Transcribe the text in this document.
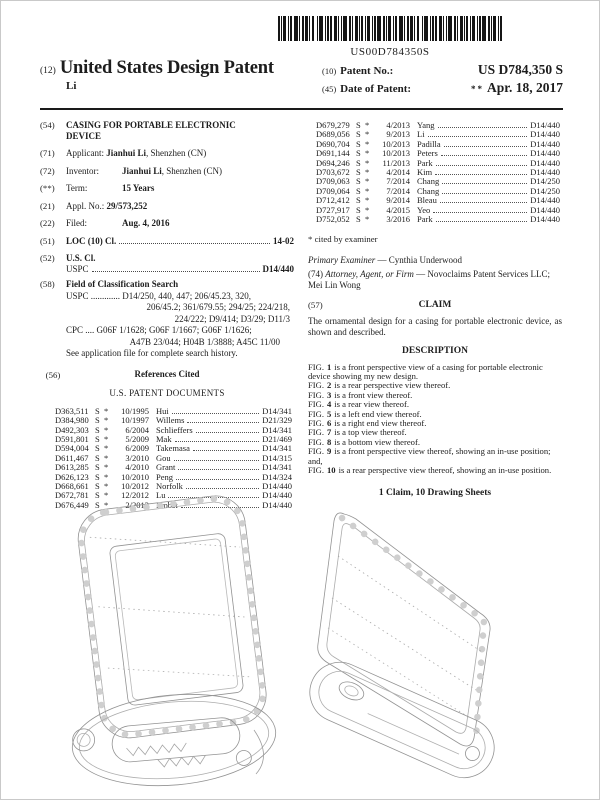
US00D784350S
(12) United States Design Patent
Li
(10) Patent No.:	US D784,350 S
(45) Date of Patent:	** Apr. 18, 2017
(54)	CASING FOR PORTABLE ELECTRONIC DEVICE
(71)	Applicant: Jianhui Li, Shenzhen (CN)
(72)	Inventor:	Jianhui Li, Shenzhen (CN)
(**)	Term:	15 Years
(21)	Appl. No.: 29/573,252
(22)	Filed:	Aug. 4, 2016
(51)	LOC (10) Cl.	14-02
(52)	U.S. Cl.
USPC	D14/440
(58)	Field of Classification Search
USPC ............. D14/250, 440, 447; 206/45.23, 320,
206/45.2; 361/679.55; 294/25; 224/218,
224/222; D9/414; D3/29; D11/3
CPC .... G06F 1/1628; G06F 1/1667; G06F 1/1626;
A47B 23/044; H04B 1/3888; A45C 11/00
See application file for complete search history.
(56)	References Cited
U.S. PATENT DOCUMENTS
D363,511 S *	10/1995 Hui	D14/341
D384,980 S *	10/1997 Willems	D21/329
D492,303 S *	6/2004 Schlieffers	D14/341
D591,801 S *	5/2009 Mak	D21/469
D594,004 S *	6/2009 Takemasa	D14/341
D611,467 S *	3/2010 Gou	D14/315
D613,285 S *	4/2010 Grant	D14/341
D626,123 S *	10/2010 Peng	D14/324
D668,661 S *	10/2012 Norfolk	D14/440
D672,781 S *	12/2012 Lu	D14/440
D676,449 S *	2/2013 Probst	D14/440
D679,279 S *	4/2013 Yang	D14/440
D689,056 S *	9/2013 Li	D14/440
D690,704 S *	10/2013 Padilla	D14/440
D691,144 S *	10/2013 Peters	D14/440
D694,246 S *	11/2013 Park	D14/440
D703,672 S *	4/2014 Kim	D14/440
D709,063 S *	7/2014 Chang	D14/250
D709,064 S *	7/2014 Chang	D14/250
D712,412 S *	9/2014 Bleau	D14/440
D727,917 S *	4/2015 Yeo	D14/440
D752,052 S *	3/2016 Park	D14/440
* cited by examiner

Primary Examiner — Cynthia Underwood

(74) Attorney, Agent, or Firm — Novoclaims Patent Services LLC; Mei Lin Wong

(57)	CLAIM

The ornamental design for a casing for portable electronic device, as shown and described.

DESCRIPTION

FIG. 1 is a front perspective view of a casing for portable electronic device showing my new design.

FIG. 2 is a rear perspective view thereof.

FIG. 3 is a front view thereof.

FIG. 4 is a rear view thereof.

FIG. 5 is a left end view thereof.

FIG. 6 is a right end view thereof.

FIG. 7 is a top view thereof.

FIG. 8 is a bottom view thereof.

FIG. 9 is a front perspective view thereof, showing an in-use position; and,

FIG. 10 is a rear perspective view thereof, showing an in-use position.

1 Claim, 10 Drawing Sheets
